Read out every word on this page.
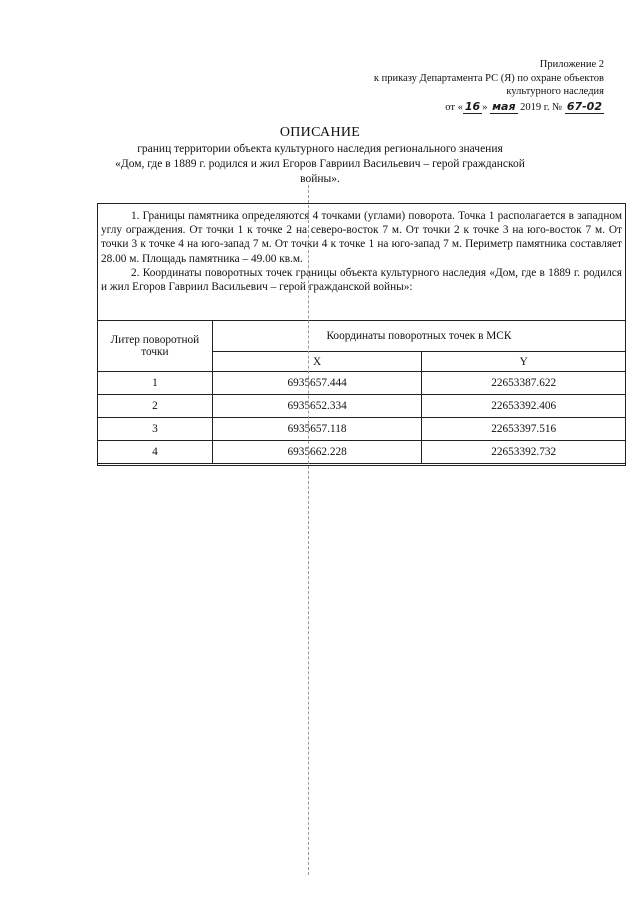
Приложение 2
к приказу Департамента РС (Я) по охране объектов
культурного наследия
от « 16 » мая 2019 г. № 67-02
ОПИСАНИЕ
границ территории объекта культурного наследия регионального значения
«Дом, где в 1889 г. родился и жил Егоров Гавриил Васильевич – герой гражданской
войны».

1. Границы памятника определяются 4 точками (углами) поворота. Точка 1 располагается в западном углу ограждения. От точки 1 к точке 2 на северо-восток 7 м. От точки 2 к точке 3 на юго-восток 7 м. От точки 3 к точке 4 на юго-запад 7 м. От точки 4 к точке 1 на юго-запад 7 м. Периметр памятника составляет 28.00 м. Площадь памятника – 49.00 кв.м.

2. Координаты поворотных точек границы объекта культурного наследия «Дом, где в 1889 г. родился и жил Егоров Гавриил Васильевич – герой гражданской войны»:

Литер поворотной точки	Координаты поворотных точек в МСК	
	X	Y
1	6935657.444	22653387.622
2	6935652.334	22653392.406
3	6935657.118	22653397.516
4	6935662.228	22653392.732
